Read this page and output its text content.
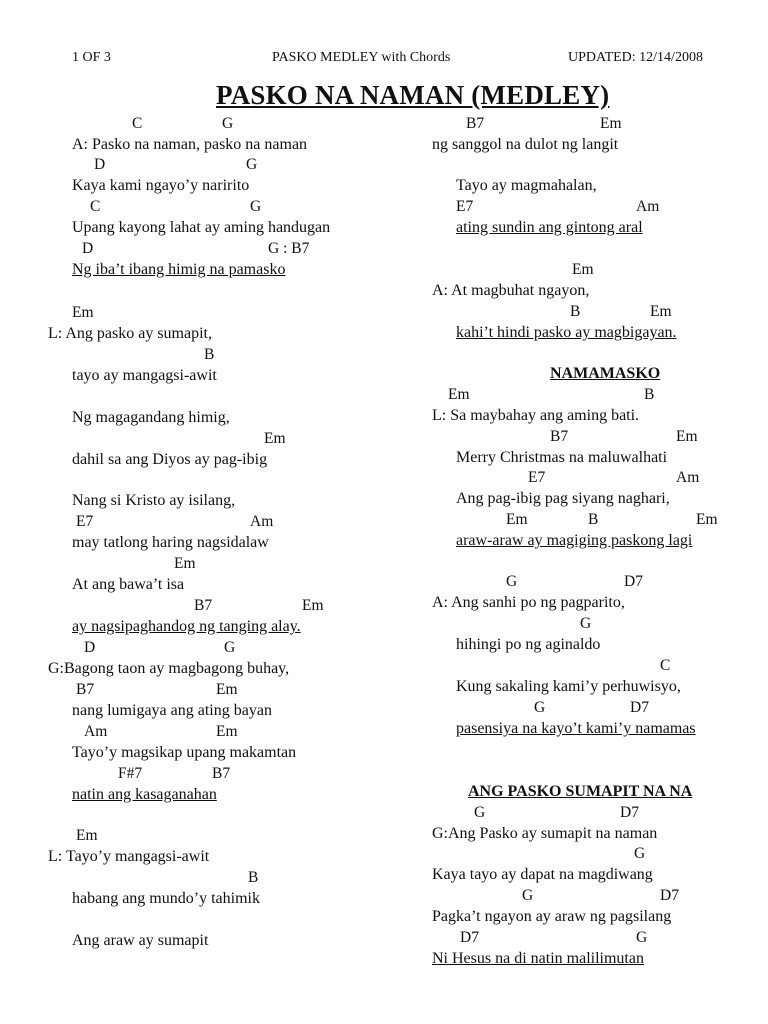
1 OF 3	PASKO MEDLEY with Chords	UPDATED: 12/14/2008
PASKO NA NAMAN (MEDLEY)
C	G
A: Pasko na naman, pasko na naman
D	G
Kaya kami ngayo’y naririto
C	G
Upang kayong lahat ay aming handugan
D	G : B7
Ng iba’t ibang himig na pamasko
Em
L: Ang pasko ay sumapit,
B
tayo ay mangagsi-awit
Ng magagandang himig,
Em
dahil sa ang Diyos ay pag-ibig
Nang si Kristo ay isilang,
E7	Am
may tatlong haring nagsidalaw
Em
At ang bawa’t isa
B7	Em
ay nagsipaghandog ng tanging alay.
D	G
G:Bagong taon ay magbagong buhay,
B7	Em
nang lumigaya ang ating bayan
Am	Em
Tayo’y magsikap upang makamtan
F#7	B7
natin ang kasaganahan
Em
L: Tayo’y mangagsi-awit
B
habang ang mundo’y tahimik
Ang araw ay sumapit
B7	Em
ng sanggol na dulot ng langit
Tayo ay magmahalan,
E7	Am
ating sundin ang gintong aral
Em
A: At magbuhat ngayon,
B	Em
kahi’t hindi pasko ay magbigayan.
NAMAMASKO
Em	B
L: Sa maybahay ang aming bati.
B7	Em
Merry Christmas na maluwalhati
E7	Am
Ang pag-ibig pag siyang naghari,
Em	B	Em
araw-araw ay magiging paskong lagi
G	D7
A: Ang sanhi po ng pagparito,
G
hihingi po ng aginaldo
C
Kung sakaling kami’y perhuwisyo,
G	D7
pasensiya na kayo’t kami’y namamas
ANG PASKO SUMAPIT NA NA
G	D7
G:Ang Pasko ay sumapit na naman
G
Kaya tayo ay dapat na magdiwang
G	D7
Pagka’t ngayon ay araw ng pagsilang
D7	G
Ni Hesus na di natin malilimutan
